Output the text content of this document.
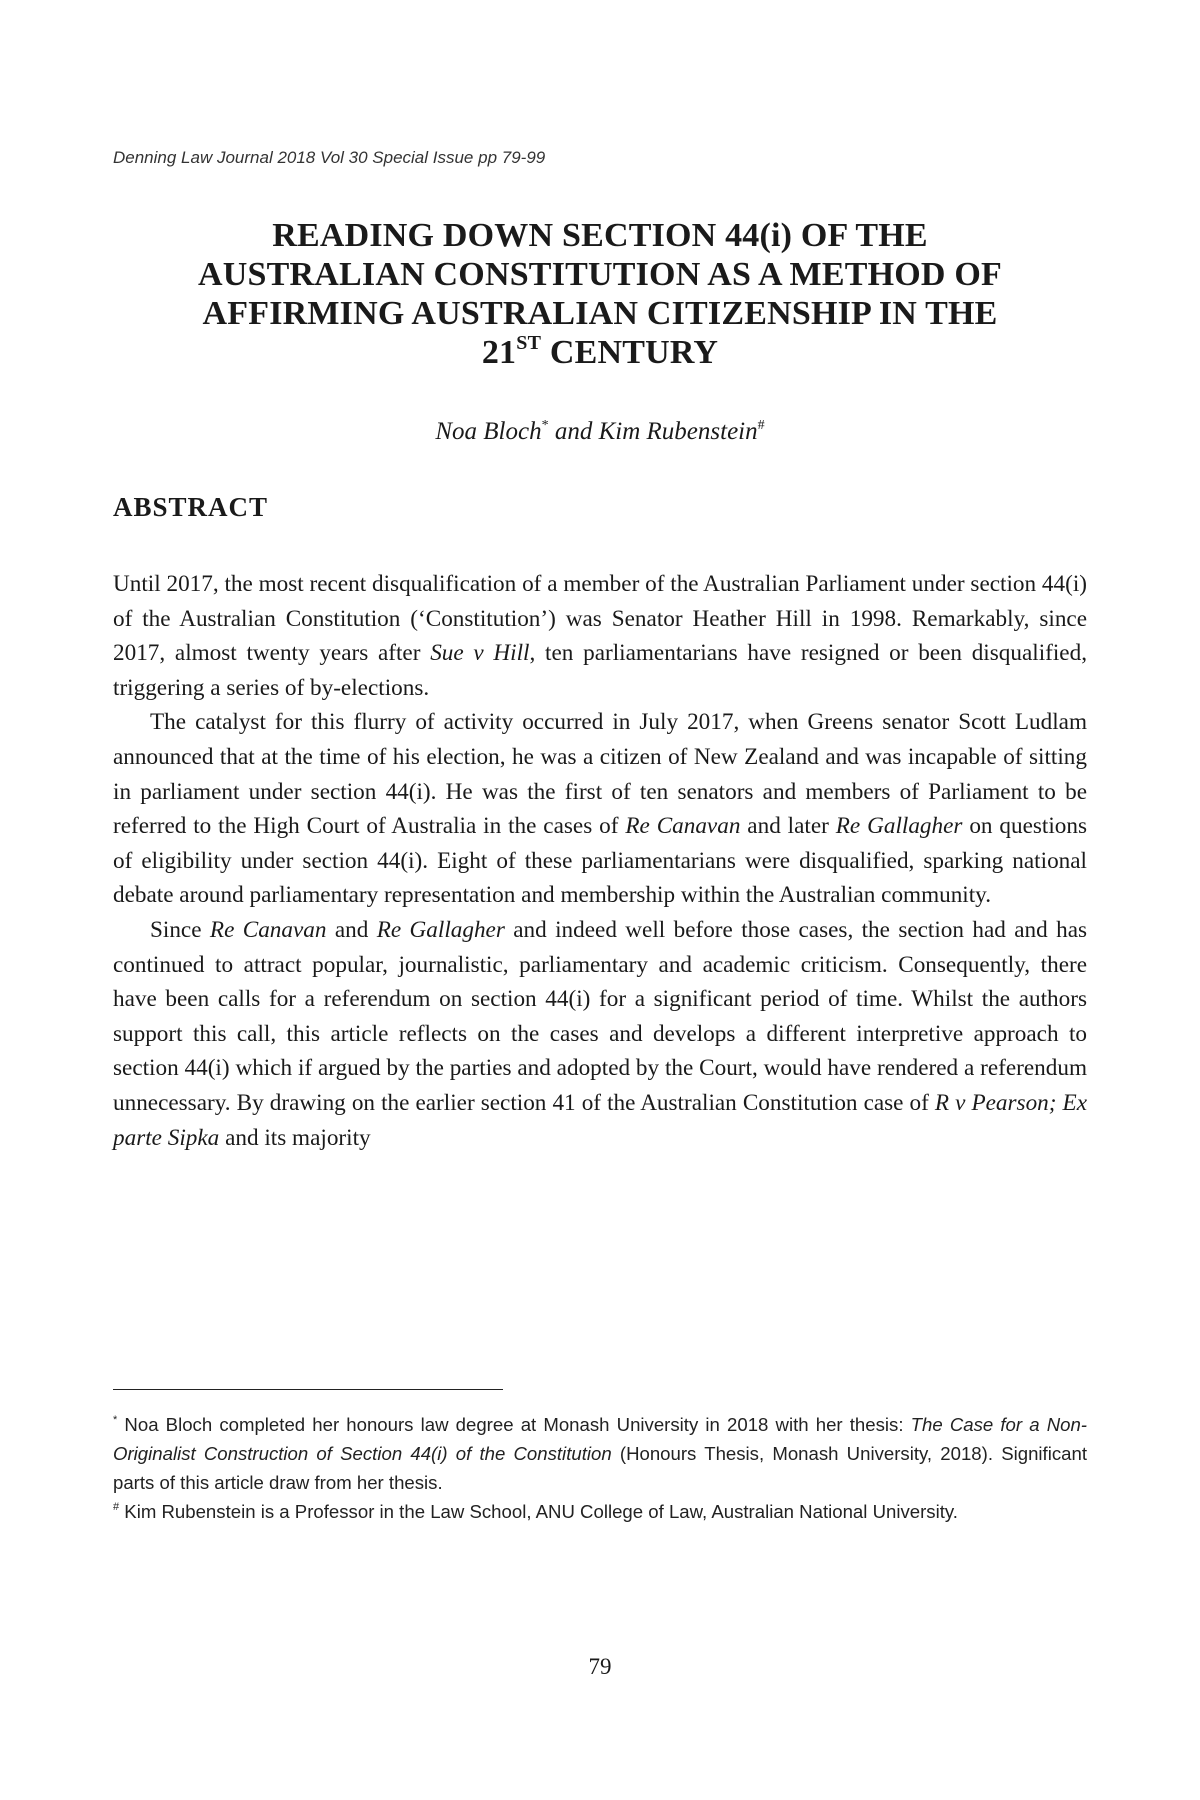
Denning Law Journal 2018 Vol 30 Special Issue pp 79-99
READING DOWN SECTION 44(i) OF THE
AUSTRALIAN CONSTITUTION AS A METHOD OF
AFFIRMING AUSTRALIAN CITIZENSHIP IN THE
21ST CENTURY
Noa Bloch* and Kim Rubenstein#
ABSTRACT

Until 2017, the most recent disqualification of a member of the Australian Parliament under section 44(i) of the Australian Constitution (‘Constitution’) was Senator Heather Hill in 1998. Remarkably, since 2017, almost twenty years after Sue v Hill, ten parliamentarians have resigned or been disqualified, triggering a series of by-elections.

The catalyst for this flurry of activity occurred in July 2017, when Greens senator Scott Ludlam announced that at the time of his election, he was a citizen of New Zealand and was incapable of sitting in parliament under section 44(i). He was the first of ten senators and members of Parliament to be referred to the High Court of Australia in the cases of Re Canavan and later Re Gallagher on questions of eligibility under section 44(i). Eight of these parliamentarians were disqualified, sparking national debate around parliamentary representation and membership within the Australian community.

Since Re Canavan and Re Gallagher and indeed well before those cases, the section had and has continued to attract popular, journalistic, parliamentary and academic criticism. Consequently, there have been calls for a referendum on section 44(i) for a significant period of time. Whilst the authors support this call, this article reflects on the cases and develops a different interpretive approach to section 44(i) which if argued by the parties and adopted by the Court, would have rendered a referendum unnecessary. By drawing on the earlier section 41 of the Australian Constitution case of R v Pearson; Ex parte Sipka and its majority

* Noa Bloch completed her honours law degree at Monash University in 2018 with her thesis: The Case for a Non-Originalist Construction of Section 44(i) of the Constitution (Honours Thesis, Monash University, 2018). Significant parts of this article draw from her thesis.

# Kim Rubenstein is a Professor in the Law School, ANU College of Law, Australian National University.

79
